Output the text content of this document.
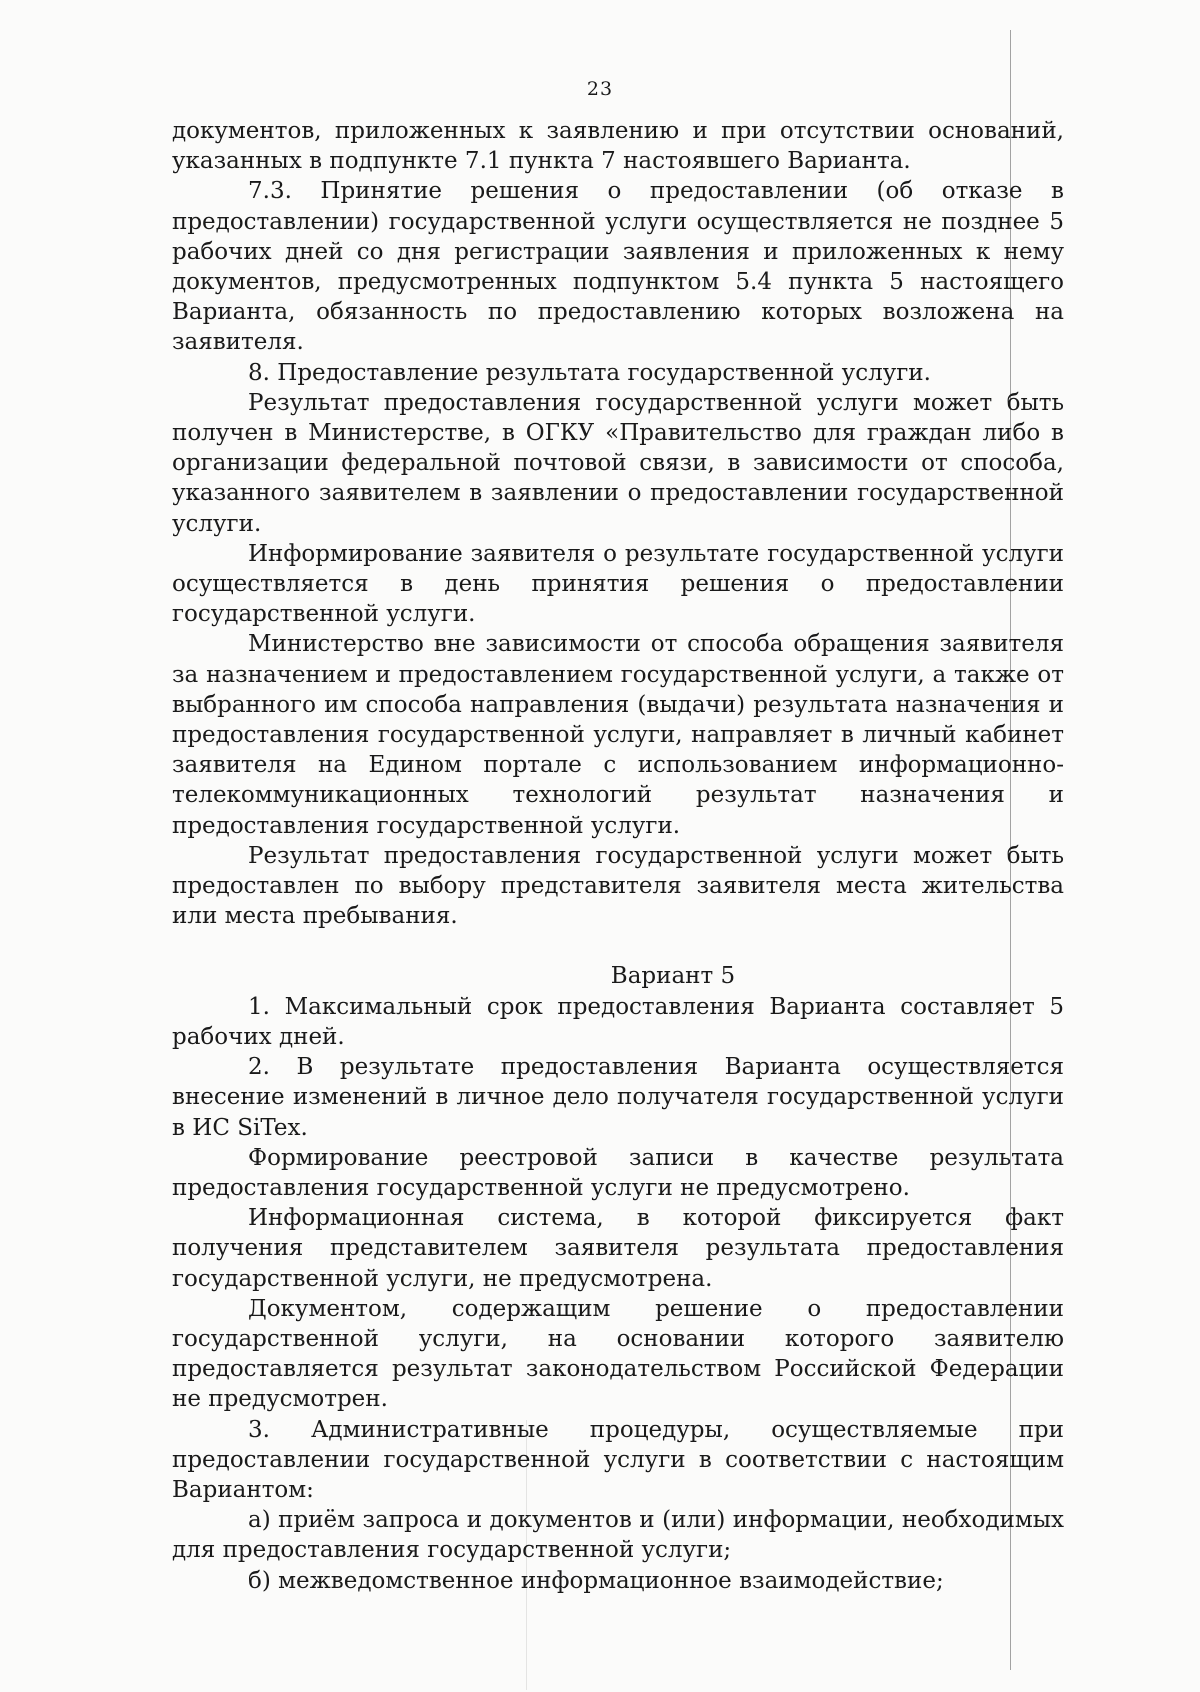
23

документов, приложенных к заявлению и при отсутствии оснований, указанных в подпункте 7.1 пункта 7 настоявшего Варианта.

7.3. Принятие решения о предоставлении (об отказе в предоставлении) государственной услуги осуществляется не позднее 5 рабочих дней со дня регистрации заявления и приложенных к нему документов, предусмотренных подпунктом 5.4 пункта 5 настоящего Варианта, обязанность по предоставлению которых возложена на заявителя.

8. Предоставление результата государственной услуги.

Результат предоставления государственной услуги может быть получен в Министерстве, в ОГКУ «Правительство для граждан либо в организации федеральной почтовой связи, в зависимости от способа, указанного заявителем в заявлении о предоставлении государственной услуги.

Информирование заявителя о результате государственной услуги осуществляется в день принятия решения о предоставлении государственной услуги.

Министерство вне зависимости от способа обращения заявителя за назначением и предоставлением государственной услуги, а также от выбранного им способа направления (выдачи) результата назначения и предоставления государственной услуги, направляет в личный кабинет заявителя на Едином портале с использованием информационно-телекоммуникационных технологий результат назначения и предоставления государственной услуги.

Результат предоставления государственной услуги может быть предоставлен по выбору представителя заявителя места жительства или места пребывания.

Вариант 5

1. Максимальный срок предоставления Варианта составляет 5 рабочих дней.

2. В результате предоставления Варианта осуществляется внесение изменений в личное дело получателя государственной услуги в ИС SiTex.

Формирование реестровой записи в качестве результата предоставления государственной услуги не предусмотрено.

Информационная система, в которой фиксируется факт получения представителем заявителя результата предоставления государственной услуги, не предусмотрена.

Документом, содержащим решение о предоставлении государственной услуги, на основании которого заявителю предоставляется результат законодательством Российской Федерации не предусмотрен.

3. Административные процедуры, осуществляемые при предоставлении государственной услуги в соответствии с настоящим Вариантом:

а) приём запроса и документов и (или) информации, необходимых для предоставления государственной услуги;

б) межведомственное информационное взаимодействие;
